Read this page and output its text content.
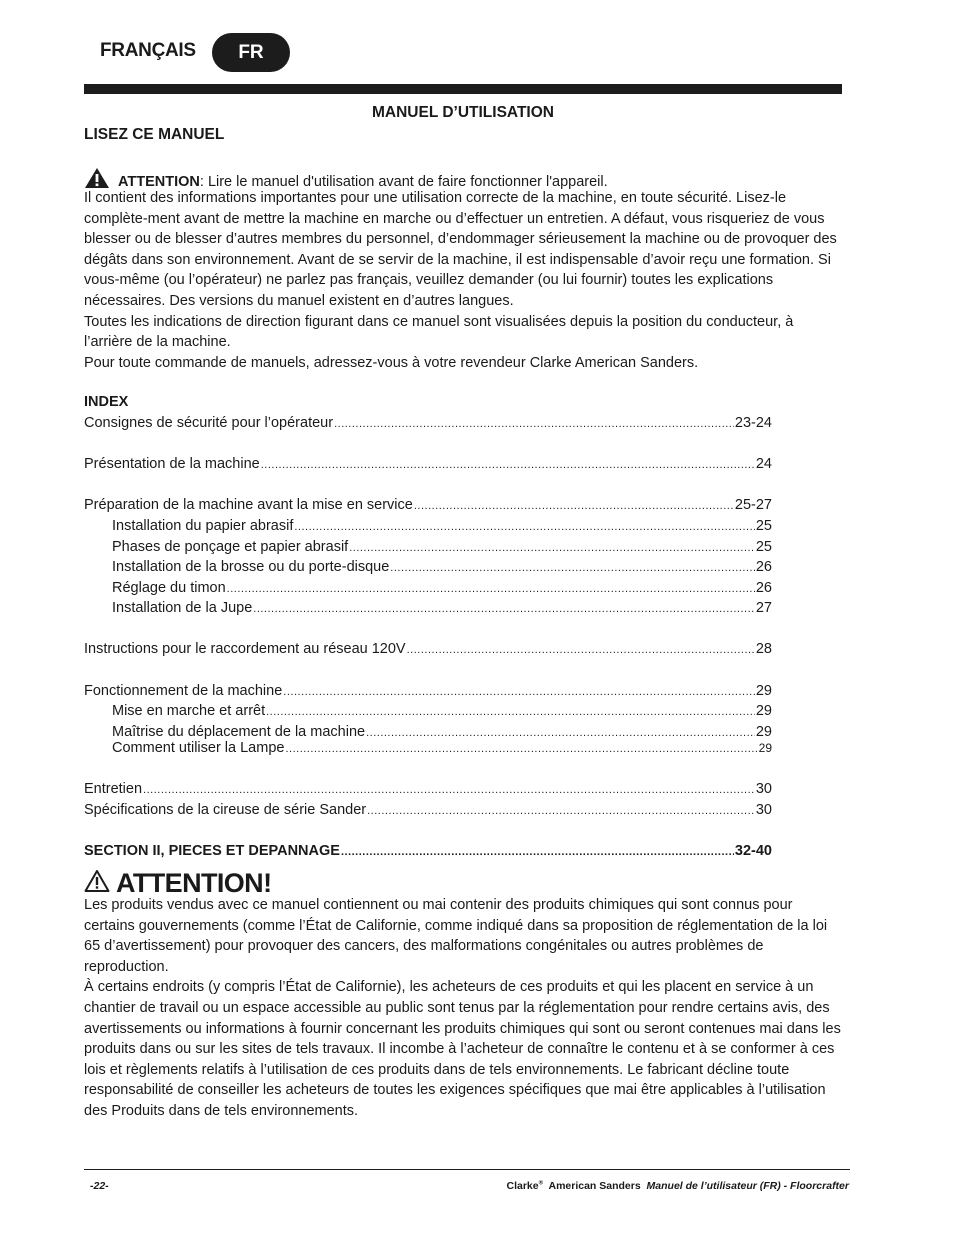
FRANÇAIS	FR
MANUEL D’UTILISATION
LISEZ CE MANUEL
ATTENTION: Lire le manuel d'utilisation avant de faire fonctionner l'appareil.

Il contient des informations importantes pour une utilisation correcte de la machine, en toute sécurité. Lisez-le complète-ment avant de mettre la machine en marche ou d’effectuer un entretien. A défaut, vous risqueriez de vous blesser ou de blesser d’autres membres du personnel, d’endommager sérieusement la machine ou de provoquer des dégâts dans son environnement. Avant de se servir de la machine, il est indispensable d’avoir reçu une formation. Si vous-même (ou l’opérateur) ne parlez pas français, veuillez demander (ou lui fournir) toutes les explications nécessaires. Des versions du manuel existent en d’autres langues.

Toutes les indications de direction figurant dans ce manuel sont visualisées depuis la position du conducteur, à l’arrière de la machine.

Pour toute commande de manuels, adressez-vous à votre revendeur Clarke American Sanders.

INDEX
Consignes de sécurité pour l’opérateur .....	23-24
Présentation de la machine .....	24
Préparation de la machine avant la mise en service .....	25-27
Installation du papier abrasif .....	25
Phases de ponçage et papier abrasif .....	25
Installation de la brosse ou du porte-disque .....	26
Réglage du timon .....	26
Installation de la Jupe .....	27
Instructions pour le raccordement au réseau 120V .....	28
Fonctionnement de la machine .....	29
Mise en marche et arrêt .....	29
Maîtrise du déplacement de la machine .....	29
Comment utiliser la Lampe .....	29
Entretien .....	30
Spécifications de la cireuse de série Sander .....	30
SECTION II, PIECES ET DEPANNAGE .....	32-40
ATTENTION!

Les produits vendus avec ce manuel contiennent ou mai contenir des produits chimiques qui sont connus pour certains gouvernements (comme l’État de Californie, comme indiqué dans sa proposition de réglementation de la loi 65 d’avertissement) pour provoquer des cancers, des malformations congénitales ou autres problèmes de reproduction.

À certains endroits (y compris l’État de Californie), les acheteurs de ces produits et qui les placent en service à un chantier de travail ou un espace accessible au public sont tenus par la réglementation pour rendre certains avis, des avertissements ou informations à fournir concernant les produits chimiques qui sont ou seront contenues mai dans les produits dans ou sur les sites de tels travaux. Il incombe à l’acheteur de connaître le contenu et à se conformer à ces lois et règlements relatifs à l’utilisation de ces produits dans de tels environnements. Le fabricant décline toute responsabilité de conseiller les acheteurs de toutes les exigences spécifiques que mai être applicables à l’utilisation des Produits dans de tels environnements.

-22-	Clarke® American Sanders Manuel de l’utilisateur (FR) - Floorcrafter
